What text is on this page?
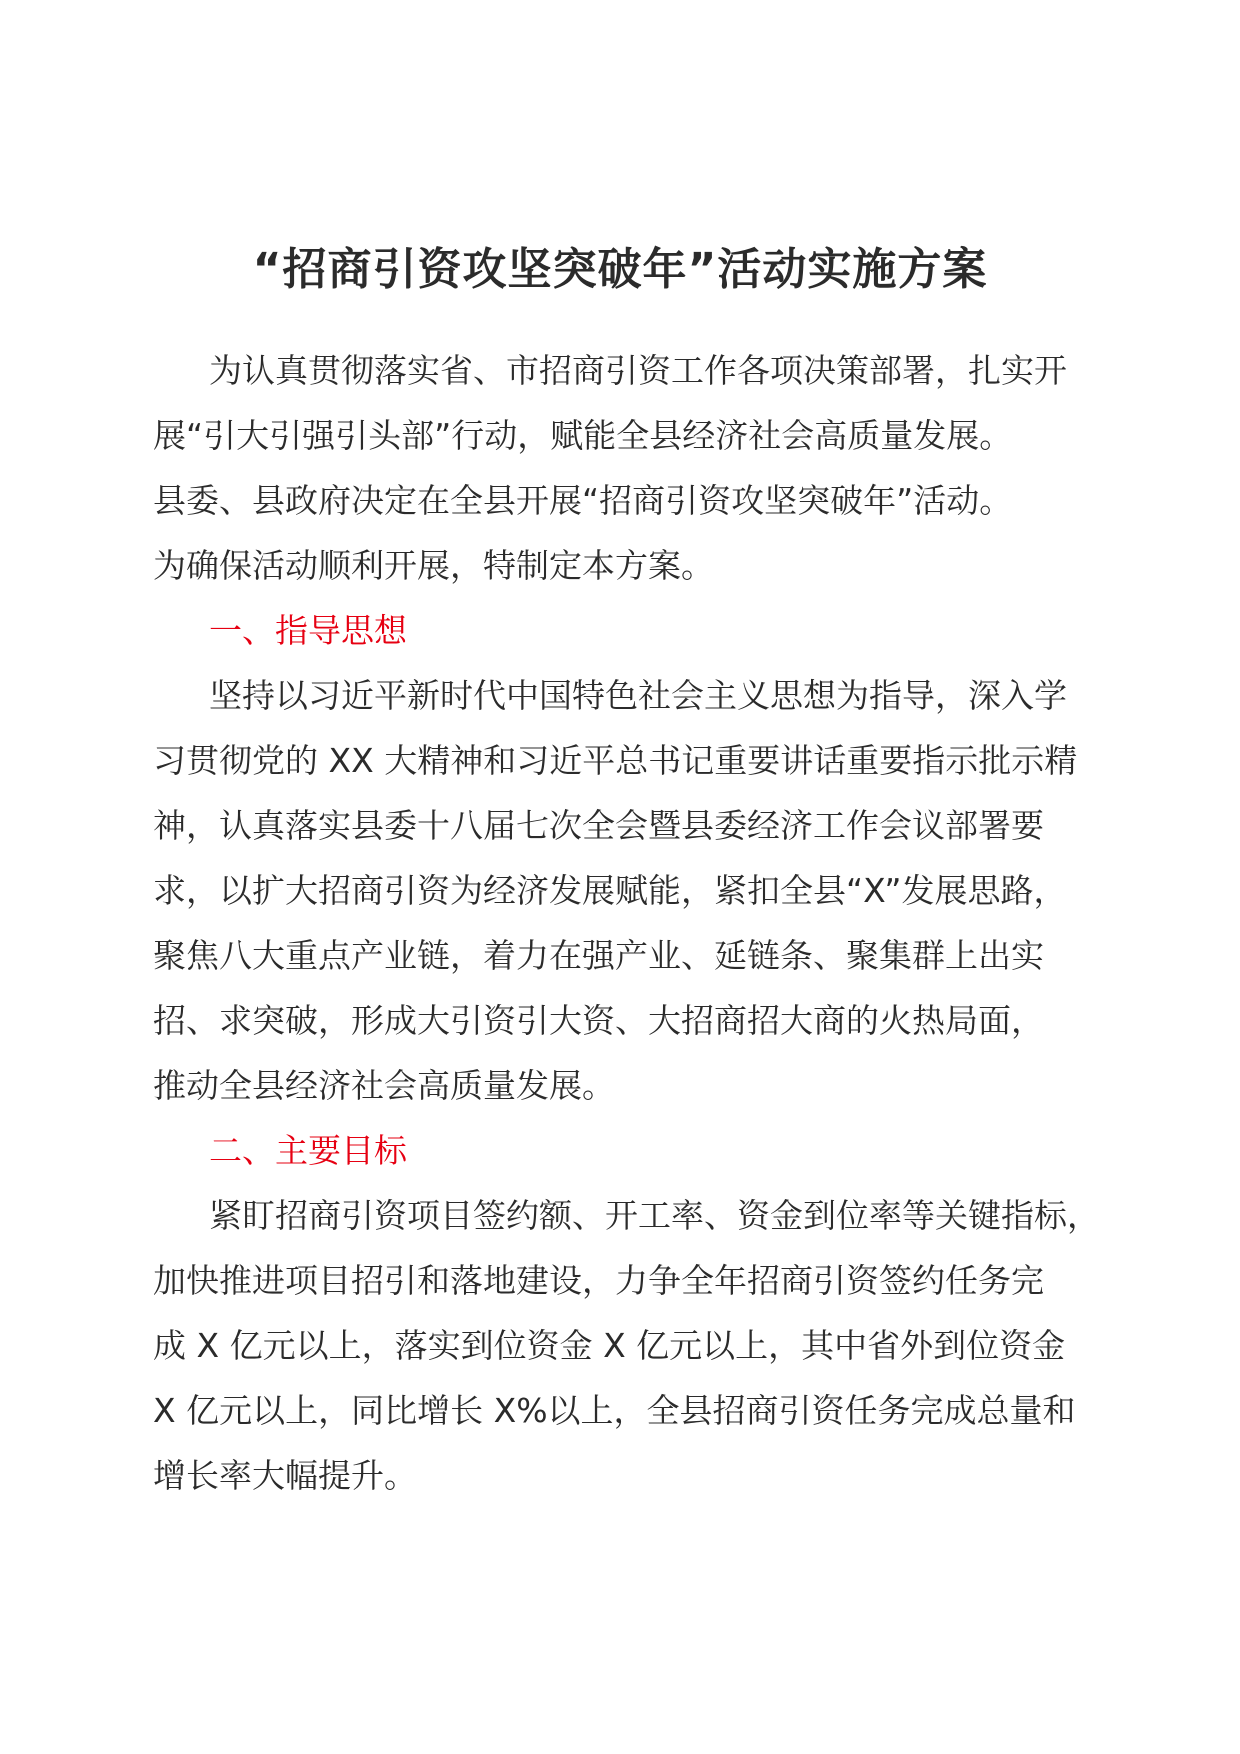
“招商引资攻坚突破年”活动实施方案
为认真贯彻落实省、市招商引资工作各项决策部署，扎实开
展“引大引强引头部”行动，赋能全县经济社会高质量发展。
县委、县政府决定在全县开展“招商引资攻坚突破年”活动。
为确保活动顺利开展，特制定本方案。
一、指导思想
坚持以习近平新时代中国特色社会主义思想为指导，深入学
习贯彻党的 XX 大精神和习近平总书记重要讲话重要指示批示精
神，认真落实县委十八届七次全会暨县委经济工作会议部署要
求，以扩大招商引资为经济发展赋能，紧扣全县“X”发展思路，
聚焦八大重点产业链，着力在强产业、延链条、聚集群上出实
招、求突破，形成大引资引大资、大招商招大商的火热局面，
推动全县经济社会高质量发展。
二、主要目标
紧盯招商引资项目签约额、开工率、资金到位率等关键指标，
加快推进项目招引和落地建设，力争全年招商引资签约任务完
成 X 亿元以上，落实到位资金 X 亿元以上，其中省外到位资金
X 亿元以上，同比增长 X%以上，全县招商引资任务完成总量和
增长率大幅提升。
